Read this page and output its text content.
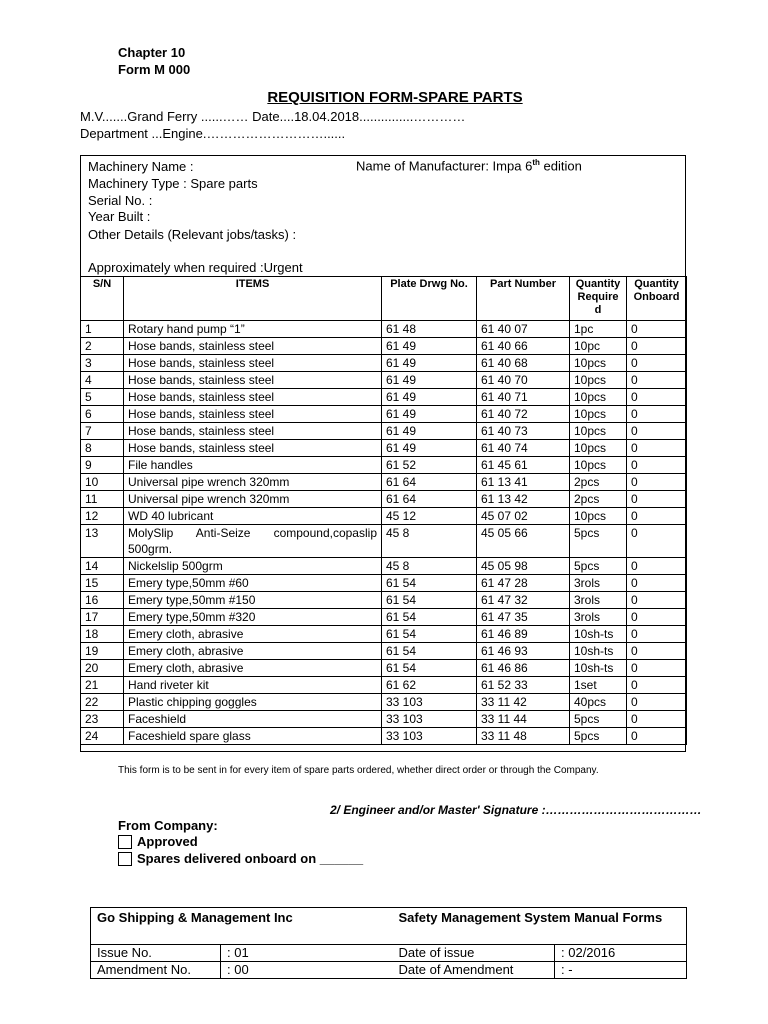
Chapter 10
Form M 000
REQUISITION FORM-SPARE PARTS
M.V.......Grand Ferry ......…… Date....18.04.2018...............…………
Department ...Engine.………………………......
Machinery Name :	Name of Manufacturer: Impa 6th edition
Machinery Type : Spare parts
Serial No. :
Year Built :
Other Details (Relevant jobs/tasks) :
Approximately when required :Urgent
S/N	ITEMS	Plate Drwg No.	Part Number	Quantity Require d	Quantity Onboard
1	Rotary hand pump “1”	61 48	61 40 07	1pc	0
2	Hose bands, stainless steel	61 49	61 40 66	10pc	0
3	Hose bands, stainless steel	61 49	61 40 68	10pcs	0
4	Hose bands, stainless steel	61 49	61 40 70	10pcs	0
5	Hose bands, stainless steel	61 49	61 40 71	10pcs	0
6	Hose bands, stainless steel	61 49	61 40 72	10pcs	0
7	Hose bands, stainless steel	61 49	61 40 73	10pcs	0
8	Hose bands, stainless steel	61 49	61 40 74	10pcs	0
9	File handles	61 52	61 45 61	10pcs	0
10	Universal pipe wrench 320mm	61 64	61 13 41	2pcs	0
11	Universal pipe wrench 320mm	61 64	61 13 42	2pcs	0
12	WD 40 lubricant	45 12	45 07 02	10pcs	0
13	MolySlip Anti-Seize compound,copaslip 500grm.	45 8	45 05 66	5pcs	0
14	Nickelslip 500grm	45 8	45 05 98	5pcs	0
15	Emery type,50mm #60	61 54	61 47 28	3rols	0
16	Emery type,50mm #150	61 54	61 47 32	3rols	0
17	Emery type,50mm #320	61 54	61 47 35	3rols	0
18	Emery cloth, abrasive	61 54	61 46 89	10sh-ts	0
19	Emery cloth, abrasive	61 54	61 46 93	10sh-ts	0
20	Emery cloth, abrasive	61 54	61 46 86	10sh-ts	0
21	Hand riveter kit	61 62	61 52 33	1set	0
22	Plastic chipping goggles	33 103	33 11 42	40pcs	0
23	Faceshield	33 103	33 11 44	5pcs	0
24	Faceshield spare glass	33 103	33 11 48	5pcs	0
This form is to be sent in for every item of spare parts ordered, whether direct order or through the Company.
2/ Engineer and/or Master' Signature :…………………………………
From Company:
Approved
Spares delivered onboard on ______
Go Shipping & Management Inc		Safety Management System Manual Forms	
Issue No.	: 01	Date of issue	: 02/2016
Amendment No.	: 00	Date of Amendment	: -
